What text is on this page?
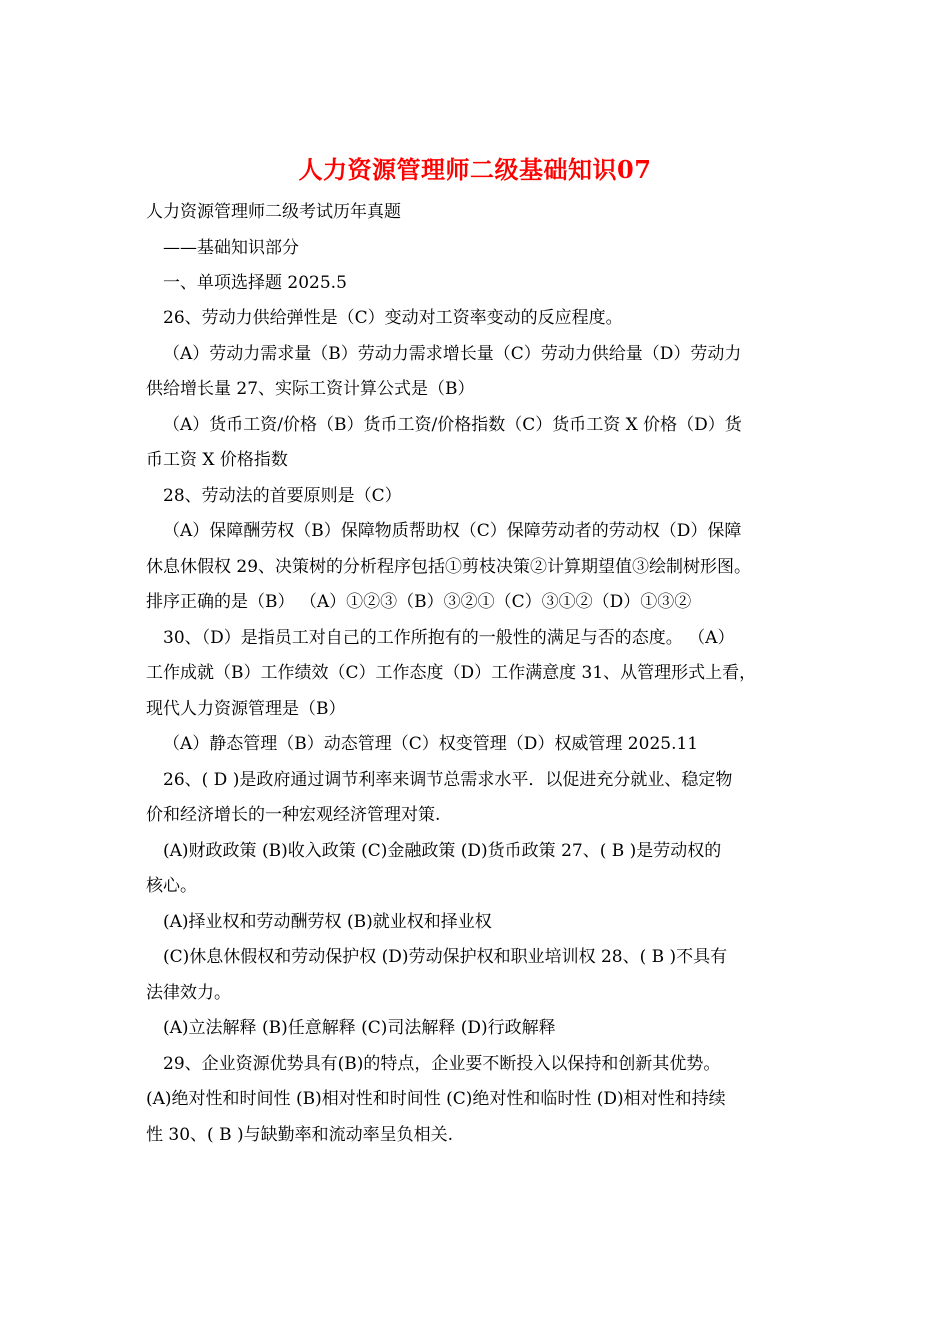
人力资源管理师二级基础知识07
人力资源管理师二级考试历年真题
——基础知识部分
一、单项选择题 2025.5
26、劳动力供给弹性是（C）变动对工资率变动的反应程度。
（A）劳动力需求量（B）劳动力需求增长量（C）劳动力供给量（D）劳动力
供给增长量 27、实际工资计算公式是（B）
（A）货币工资/价格（B）货币工资/价格指数（C）货币工资 X 价格（D）货
币工资 X 价格指数
28、劳动法的首要原则是（C）
（A）保障酬劳权（B）保障物质帮助权（C）保障劳动者的劳动权（D）保障
休息休假权 29、决策树的分析程序包括①剪枝决策②计算期望值③绘制树形图。
排序正确的是（B） （A）①②③（B）③②①（C）③①②（D）①③②
30、（D）是指员工对自己的工作所抱有的一般性的满足与否的态度。 （A）
工作成就（B）工作绩效（C）工作态度（D）工作满意度 31、从管理形式上看，
现代人力资源管理是（B）
（A）静态管理（B）动态管理（C）权变管理（D）权威管理 2025.11
26、( D )是政府通过调节利率来调节总需求水平．以促进充分就业、稳定物
价和经济增长的一种宏观经济管理对策.
(A)财政政策 (B)收入政策 (C)金融政策 (D)货币政策 27、( B )是劳动权的
核心。
(A)择业权和劳动酬劳权 (B)就业权和择业权
(C)休息休假权和劳动保护权 (D)劳动保护权和职业培训权 28、( B )不具有
法律效力。
(A)立法解释 (B)任意解释 (C)司法解释 (D)行政解释
29、企业资源优势具有(B)的特点，企业要不断投入以保持和创新其优势。
(A)绝对性和时间性 (B)相对性和时间性 (C)绝对性和临时性 (D)相对性和持续
性 30、( B )与缺勤率和流动率呈负相关.
